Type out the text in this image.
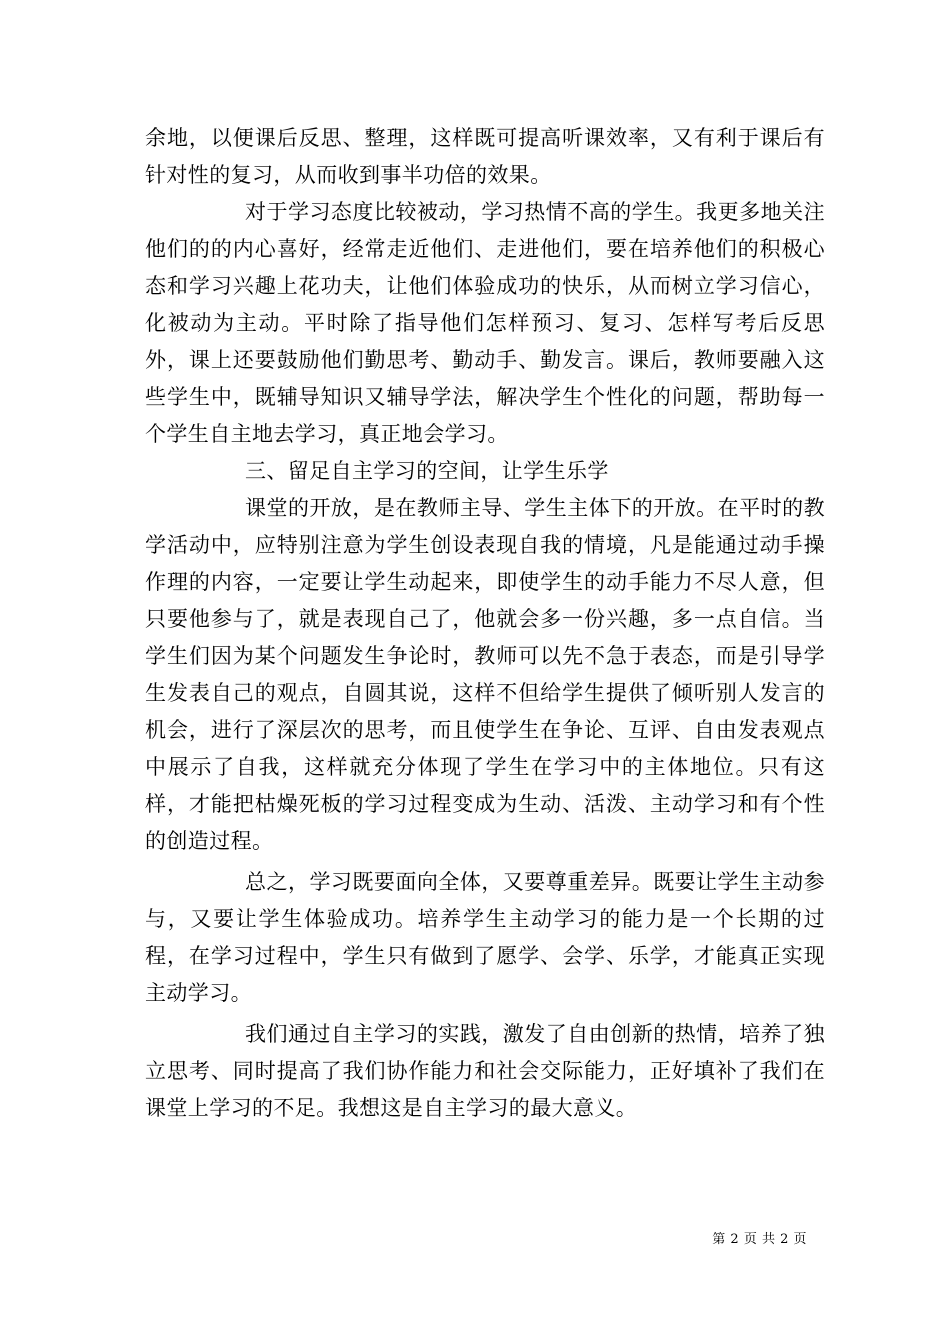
余地，以便课后反思、整理，这样既可提高听课效率，又有利于课后有针对性的复习，从而收到事半功倍的效果。

对于学习态度比较被动，学习热情不高的学生。我更多地关注他们的的内心喜好，经常走近他们、走进他们，要在培养他们的积极心态和学习兴趣上花功夫，让他们体验成功的快乐，从而树立学习信心，化被动为主动。平时除了指导他们怎样预习、复习、怎样写考后反思外，课上还要鼓励他们勤思考、勤动手、勤发言。课后，教师要融入这些学生中，既辅导知识又辅导学法，解决学生个性化的问题，帮助每一个学生自主地去学习，真正地会学习。

三、留足自主学习的空间，让学生乐学

课堂的开放，是在教师主导、学生主体下的开放。在平时的教学活动中，应特别注意为学生创设表现自我的情境，凡是能通过动手操作理的内容，一定要让学生动起来，即使学生的动手能力不尽人意，但只要他参与了，就是表现自己了，他就会多一份兴趣，多一点自信。当学生们因为某个问题发生争论时，教师可以先不急于表态，而是引导学生发表自己的观点，自圆其说，这样不但给学生提供了倾听别人发言的机会，进行了深层次的思考，而且使学生在争论、互评、自由发表观点中展示了自我，这样就充分体现了学生在学习中的主体地位。只有这样，才能把枯燥死板的学习过程变成为生动、活泼、主动学习和有个性的创造过程。

总之，学习既要面向全体，又要尊重差异。既要让学生主动参与，又要让学生体验成功。培养学生主动学习的能力是一个长期的过程，在学习过程中，学生只有做到了愿学、会学、乐学，才能真正实现主动学习。

我们通过自主学习的实践，激发了自由创新的热情，培养了独立思考、同时提高了我们协作能力和社会交际能力，正好填补了我们在课堂上学习的不足。我想这是自主学习的最大意义。

第 2 页 共 2 页
